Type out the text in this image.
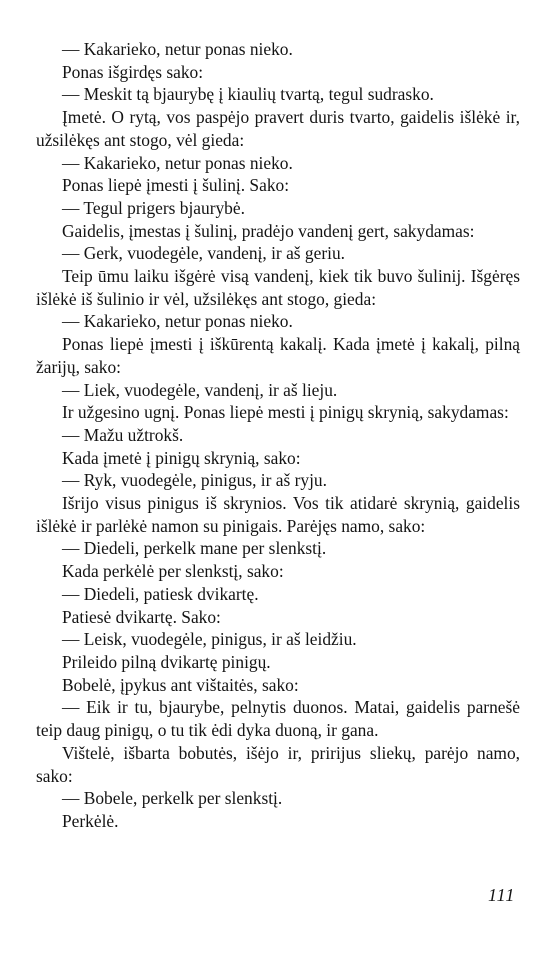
— Kakarieko, netur ponas nieko.

Ponas išgirdęs sako:

— Meskit tą bjaurybę į kiaulių tvartą, tegul sudrasko.

Įmetė. O rytą, vos paspėjo pravert duris tvarto, gaidelis išlėkė ir, užsilėkęs ant stogo, vėl gieda:

— Kakarieko, netur ponas nieko.

Ponas liepė įmesti į šulinį. Sako:

— Tegul prigers bjaurybė.

Gaidelis, įmestas į šulinį, pradėjo vandenį gert, sakydamas:

— Gerk, vuodegėle, vandenį, ir aš geriu.

Teip ūmu laiku išgėrė visą vandenį, kiek tik buvo šulinij. Išgėręs išlėkė iš šulinio ir vėl, užsilėkęs ant stogo, gieda:

— Kakarieko, netur ponas nieko.

Ponas liepė įmesti į iškūrentą kakalį. Kada įmetė į kakalį, pilną žarijų, sako:

— Liek, vuodegėle, vandenį, ir aš lieju.

Ir užgesino ugnį. Ponas liepė mesti į pinigų skrynią, sakydamas:

— Mažu užtrokš.

Kada įmetė į pinigų skrynią, sako:

— Ryk, vuodegėle, pinigus, ir aš ryju.

Išrijo visus pinigus iš skrynios. Vos tik atidarė skrynią, gaidelis išlėkė ir parlėkė namon su pinigais. Parėjęs namo, sako:

— Diedeli, perkelk mane per slenkstį.

Kada perkėlė per slenkstį, sako:

— Diedeli, patiesk dvikartę.

Patiesė dvikartę. Sako:

— Leisk, vuodegėle, pinigus, ir aš leidžiu.

Prileido pilną dvikartę pinigų.

Bobelė, įpykus ant vištaitės, sako:

— Eik ir tu, bjaurybe, pelnytis duonos. Matai, gaidelis parnešė teip daug pinigų, o tu tik ėdi dyka duoną, ir gana.

Vištelė, išbarta bobutės, išėjo ir, pririjus sliekų, parėjo namo, sako:

— Bobele, perkelk per slenkstį.

Perkėlė.

111
